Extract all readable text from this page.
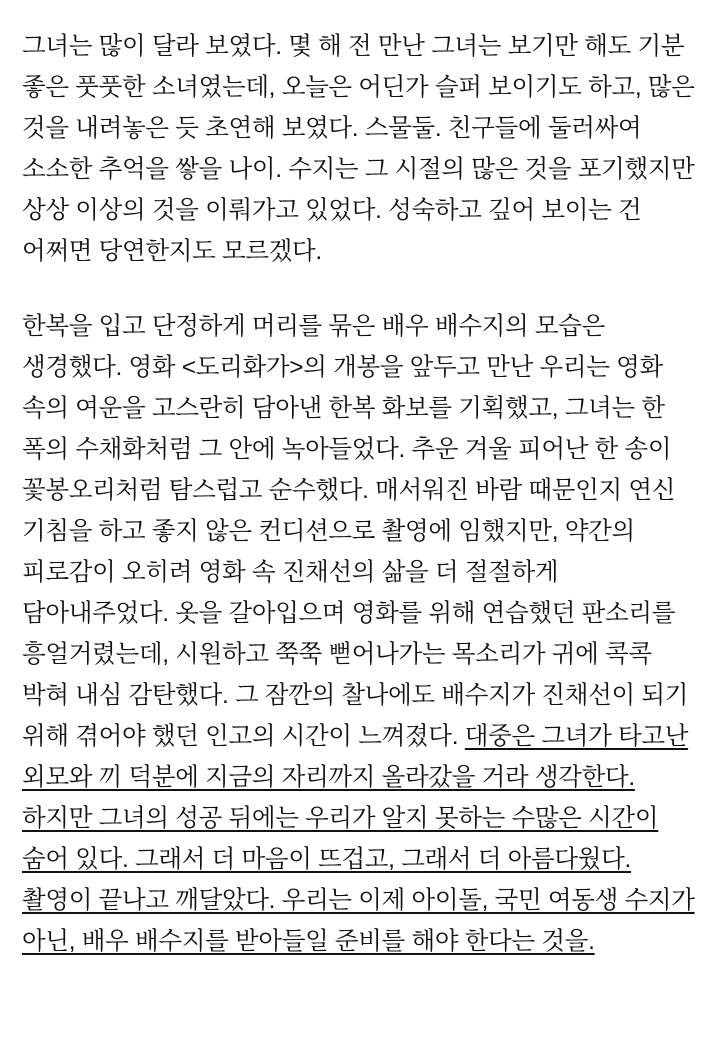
그녀는 많이 달라 보였다. 몇 해 전 만난 그녀는 보기만 해도 기분 좋은 풋풋한 소녀였는데, 오늘은 어딘가 슬퍼 보이기도 하고, 많은 것을 내려놓은 듯 초연해 보였다. 스물둘. 친구들에 둘러싸여 소소한 추억을 쌓을 나이. 수지는 그 시절의 많은 것을 포기했지만 상상 이상의 것을 이뤄가고 있었다. 성숙하고 깊어 보이는 건 어쩌면 당연한지도 모르겠다.

한복을 입고 단정하게 머리를 묶은 배우 배수지의 모습은 생경했다. 영화 <도리화가>의 개봉을 앞두고 만난 우리는 영화 속의 여운을 고스란히 담아낸 한복 화보를 기획했고, 그녀는 한 폭의 수채화처럼 그 안에 녹아들었다. 추운 겨울 피어난 한 송이 꽃봉오리처럼 탐스럽고 순수했다. 매서워진 바람 때문인지 연신 기침을 하고 좋지 않은 컨디션으로 촬영에 임했지만, 약간의 피로감이 오히려 영화 속 진채선의 삶을 더 절절하게 담아내주었다. 옷을 갈아입으며 영화를 위해 연습했던 판소리를 흥얼거렸는데, 시원하고 쭉쭉 뻗어나가는 목소리가 귀에 콕콕 박혀 내심 감탄했다. 그 잠깐의 찰나에도 배수지가 진채선이 되기 위해 겪어야 했던 인고의 시간이 느껴졌다. 대중은 그녀가 타고난 외모와 끼 덕분에 지금의 자리까지 올라갔을 거라 생각한다. 하지만 그녀의 성공 뒤에는 우리가 알지 못하는 수많은 시간이 숨어 있다. 그래서 더 마음이 뜨겁고, 그래서 더 아름다웠다. 촬영이 끝나고 깨달았다. 우리는 이제 아이돌, 국민 여동생 수지가 아닌, 배우 배수지를 받아들일 준비를 해야 한다는 것을.
